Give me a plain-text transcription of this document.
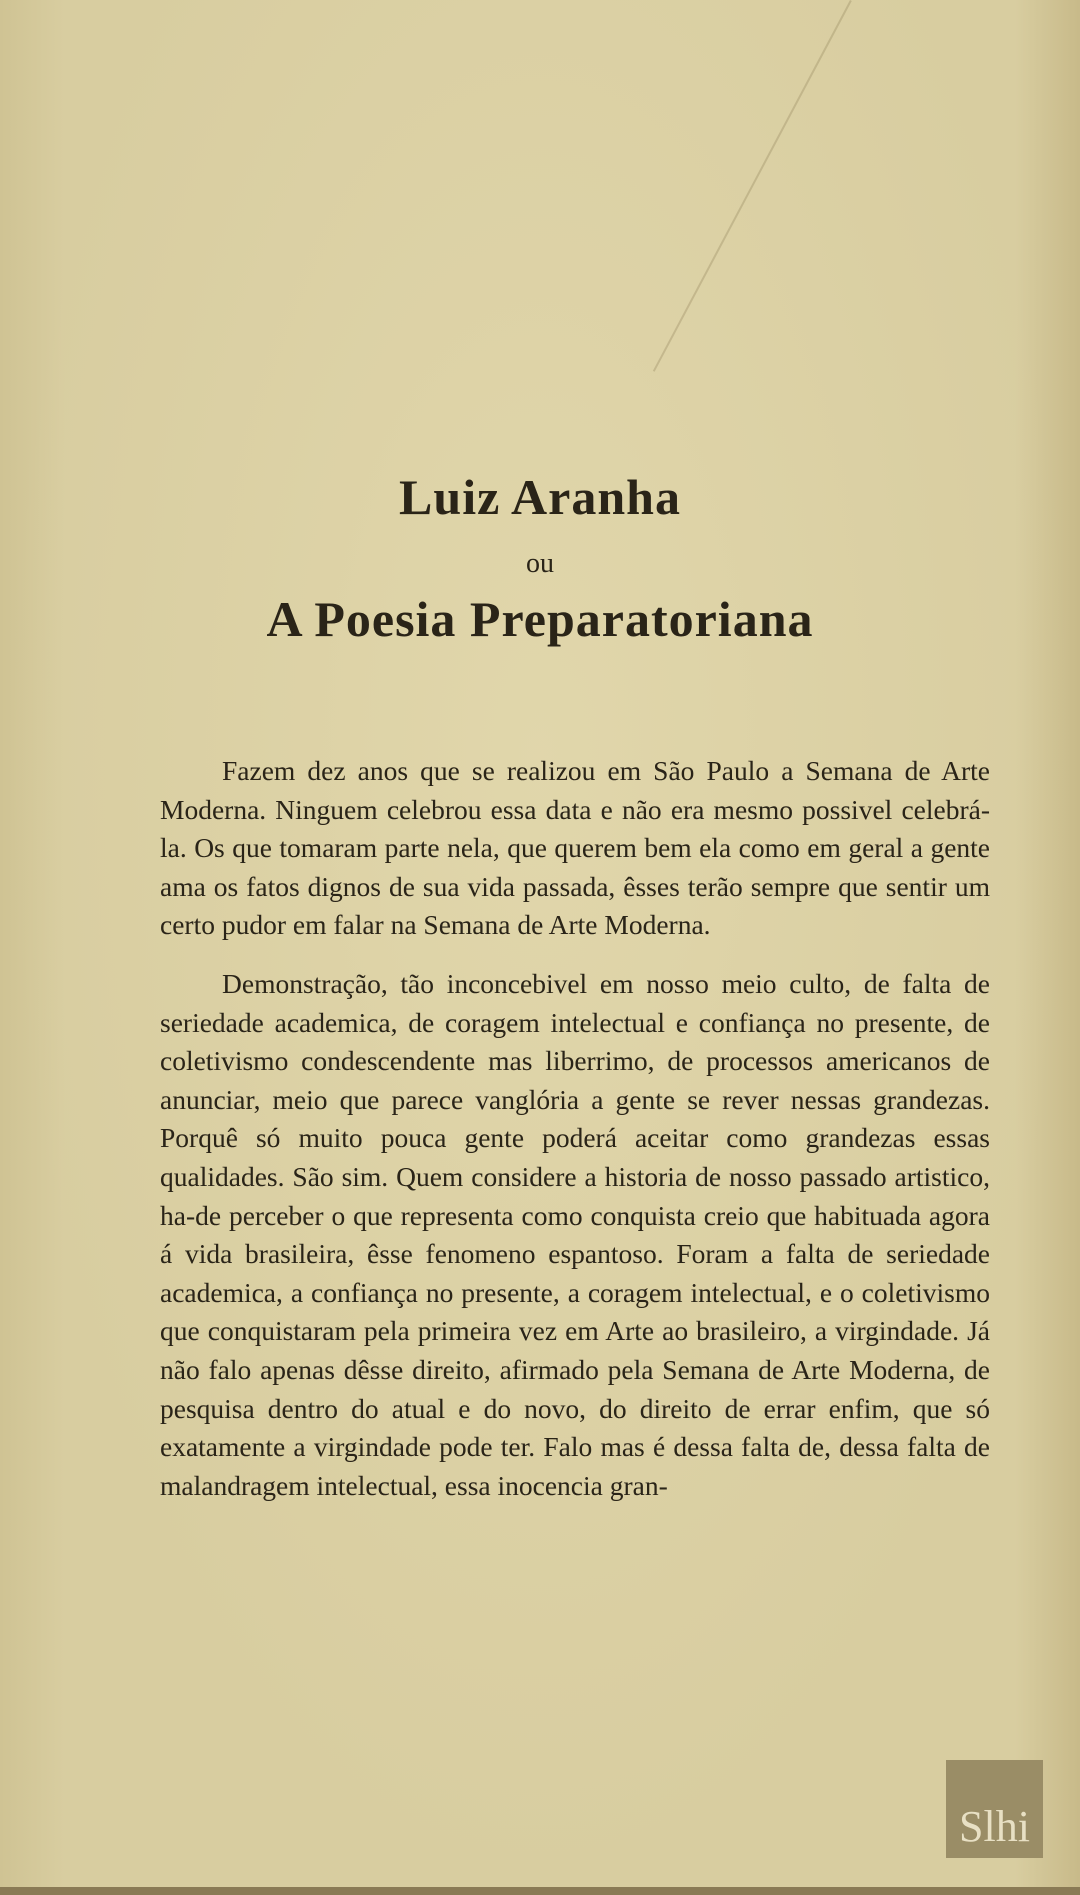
Luiz Aranha
ou
A Poesia Preparatoriana

Fazem dez anos que se realizou em São Paulo a Semana de Arte Moderna. Ninguem celebrou essa data e não era mesmo possivel celebrá-la. Os que tomaram parte nela, que querem bem ela como em geral a gente ama os fatos dignos de sua vida passada, êsses terão sempre que sentir um certo pudor em falar na Semana de Arte Moderna.

Demonstração, tão inconcebivel em nosso meio culto, de falta de seriedade academica, de coragem intelectual e confiança no presente, de coletivismo condescendente mas liberrimo, de processos americanos de anunciar, meio que parece vanglória a gente se rever nessas grandezas. Porquê só muito pouca gente poderá aceitar como grandezas essas qualidades. São sim. Quem considere a historia de nosso passado artistico, ha-de perceber o que representa como conquista creio que habituada agora á vida brasileira, êsse fenomeno espantoso. Foram a falta de seriedade academica, a confiança no presente, a coragem intelectual, e o coletivismo que conquistaram pela primeira vez em Arte ao brasileiro, a virgindade. Já não falo apenas dêsse direito, afirmado pela Semana de Arte Moderna, de pesquisa dentro do atual e do novo, do direito de errar enfim, que só exatamente a virgindade pode ter. Falo mas é dessa falta de, dessa falta de malandragem intelectual, essa inocencia gran-

Slhi
